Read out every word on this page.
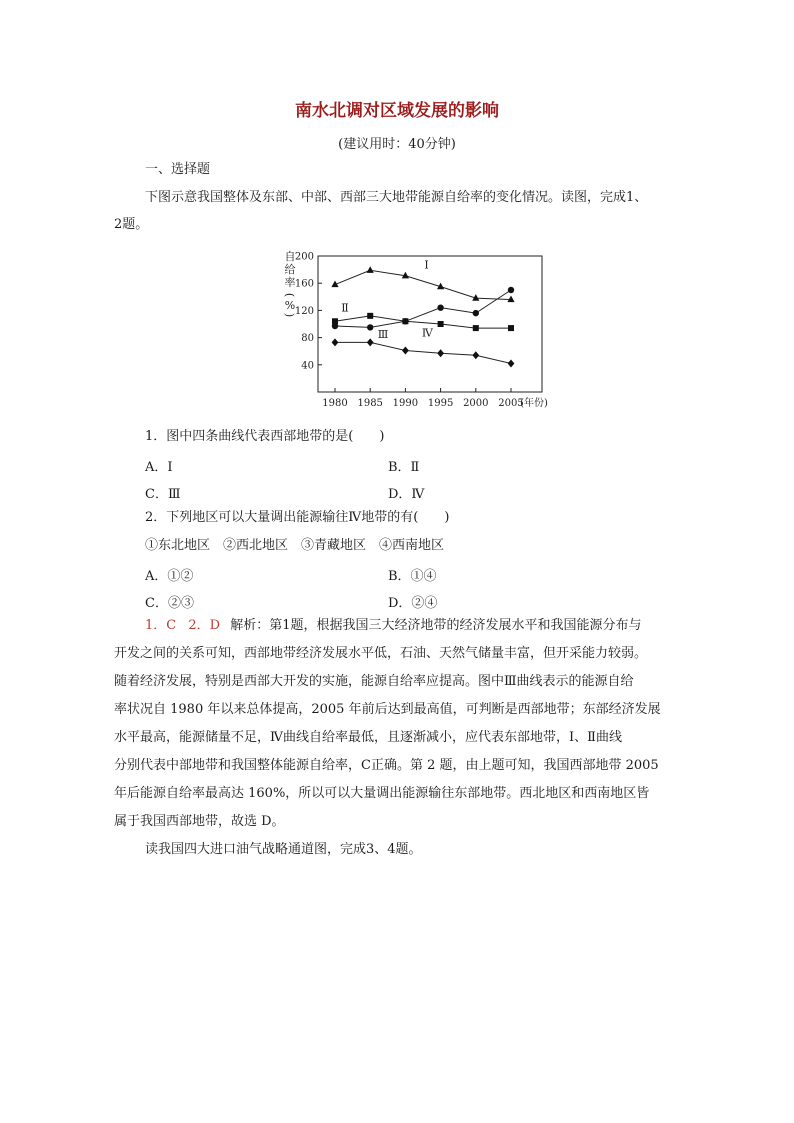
南水北调对区域发展的影响
(建议用时：40分钟)
一、选择题
下图示意我国整体及东部、中部、西部三大地带能源自给率的变化情况。读图，完成1、
2题。
自
给
率
(
%
)
40
80
120
160
200
1980 1985 1990 1995 2000 2005
(年份)
Ⅰ
Ⅱ
Ⅲ	Ⅳ
1．图中四条曲线代表西部地带的是(　　)
A．Ⅰ	B．Ⅱ
C．Ⅲ	D．Ⅳ
2．下列地区可以大量调出能源输往Ⅳ地带的有(　　)
①东北地区　②西北地区　③青藏地区　④西南地区
A．①②	B．①④
C．②③	D．②④
1．C 2．D 解析：第1题，根据我国三大经济地带的经济发展水平和我国能源分布与
开发之间的关系可知，西部地带经济发展水平低，石油、天然气储量丰富，但开采能力较弱。
随着经济发展，特别是西部大开发的实施，能源自给率应提高。图中Ⅲ曲线表示的能源自给
率状况自 1980 年以来总体提高，2005 年前后达到最高值，可判断是西部地带；东部经济发展
水平最高，能源储量不足，Ⅳ曲线自给率最低，且逐渐减小，应代表东部地带，Ⅰ、Ⅱ曲线
分别代表中部地带和我国整体能源自给率，C正确。第 2 题，由上题可知，我国西部地带 2005
年后能源自给率最高达 160%，所以可以大量调出能源输往东部地带。西北地区和西南地区皆
属于我国西部地带，故选 D。
读我国四大进口油气战略通道图，完成3、4题。
